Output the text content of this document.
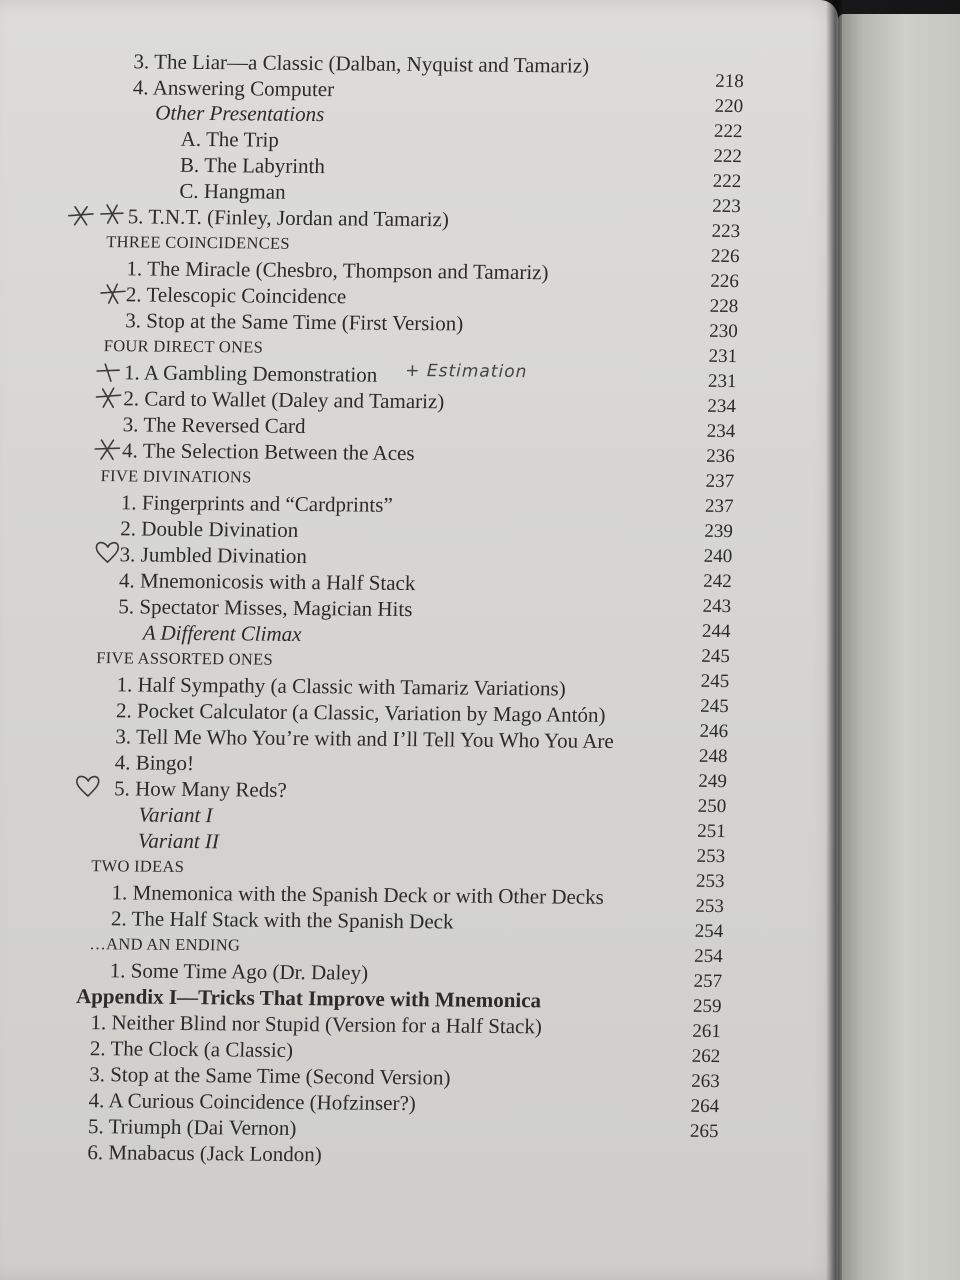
3. The Liar—a Classic (Dalban, Nyquist and Tamariz)
4. Answering Computer
Other Presentations
A. The Trip
B. The Labyrinth
C. Hangman
5. T.N.T. (Finley, Jordan and Tamariz)
THREE COINCIDENCES
1. The Miracle (Chesbro, Thompson and Tamariz)
2. Telescopic Coincidence
3. Stop at the Same Time (First Version)
FOUR DIRECT ONES
1. A Gambling Demonstration
2. Card to Wallet (Daley and Tamariz)
3. The Reversed Card
4. The Selection Between the Aces
FIVE DIVINATIONS
1. Fingerprints and “Cardprints”
2. Double Divination
3. Jumbled Divination
4. Mnemonicosis with a Half Stack
5. Spectator Misses, Magician Hits
A Different Climax
FIVE ASSORTED ONES
1. Half Sympathy (a Classic with Tamariz Variations)
2. Pocket Calculator (a Classic, Variation by Mago Antón)
3. Tell Me Who You’re with and I’ll Tell You Who You Are
4. Bingo!
5. How Many Reds?
Variant I
Variant II
TWO IDEAS
1. Mnemonica with the Spanish Deck or with Other Decks
2. The Half Stack with the Spanish Deck
…AND AN ENDING
1. Some Time Ago (Dr. Daley)
Appendix I—Tricks That Improve with Mnemonica
1. Neither Blind nor Stupid (Version for a Half Stack)
2. The Clock (a Classic)
3. Stop at the Same Time (Second Version)
4. A Curious Coincidence (Hofzinser?)
5. Triumph (Dai Vernon)
6. Mnabacus (Jack London)
218
220
222
222
222
223
223
226
226
228
230
231
231
234
234
236
237
237
239
240
242
243
244
245
245
245
246
248
249
250
251
253
253
253
254
254
257
259
261
262
263
264
265
+ Estimation
